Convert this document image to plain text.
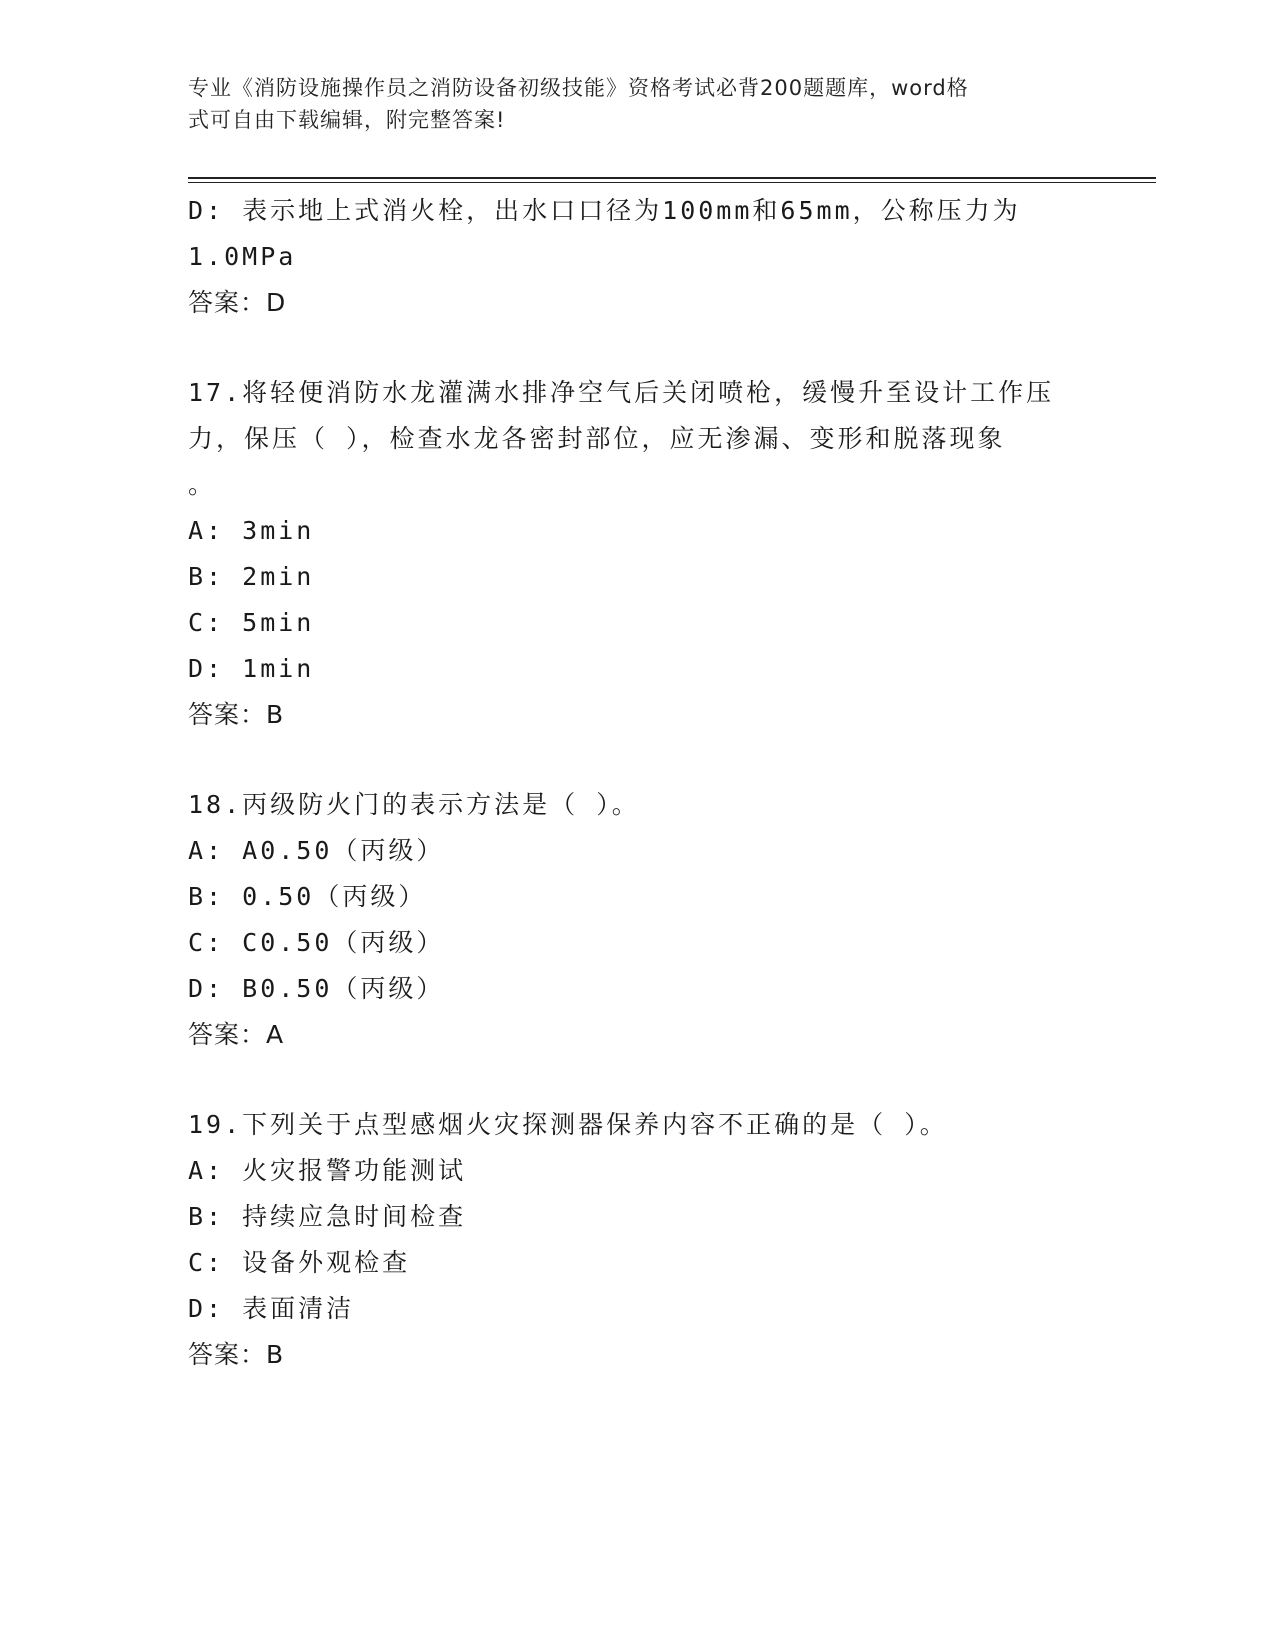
专业《消防设施操作员之消防设备初级技能》资格考试必背200题题库，word格
式可自由下载编辑，附完整答案!
D: 表示地上式消火栓，出水口口径为100mm和65mm，公称压力为
1.0MPa
答案：D
17.将轻便消防水龙灌满水排净空气后关闭喷枪，缓慢升至设计工作压
力，保压（ ），检查水龙各密封部位，应无渗漏、变形和脱落现象
。
A: 3min
B: 2min
C: 5min
D: 1min
答案：B
18.丙级防火门的表示方法是（ ）。
A: A0.50（丙级）
B: 0.50（丙级）
C: C0.50（丙级）
D: B0.50（丙级）
答案：A
19.下列关于点型感烟火灾探测器保养内容不正确的是（ ）。
A: 火灾报警功能测试
B: 持续应急时间检查
C: 设备外观检查
D: 表面清洁
答案：B
